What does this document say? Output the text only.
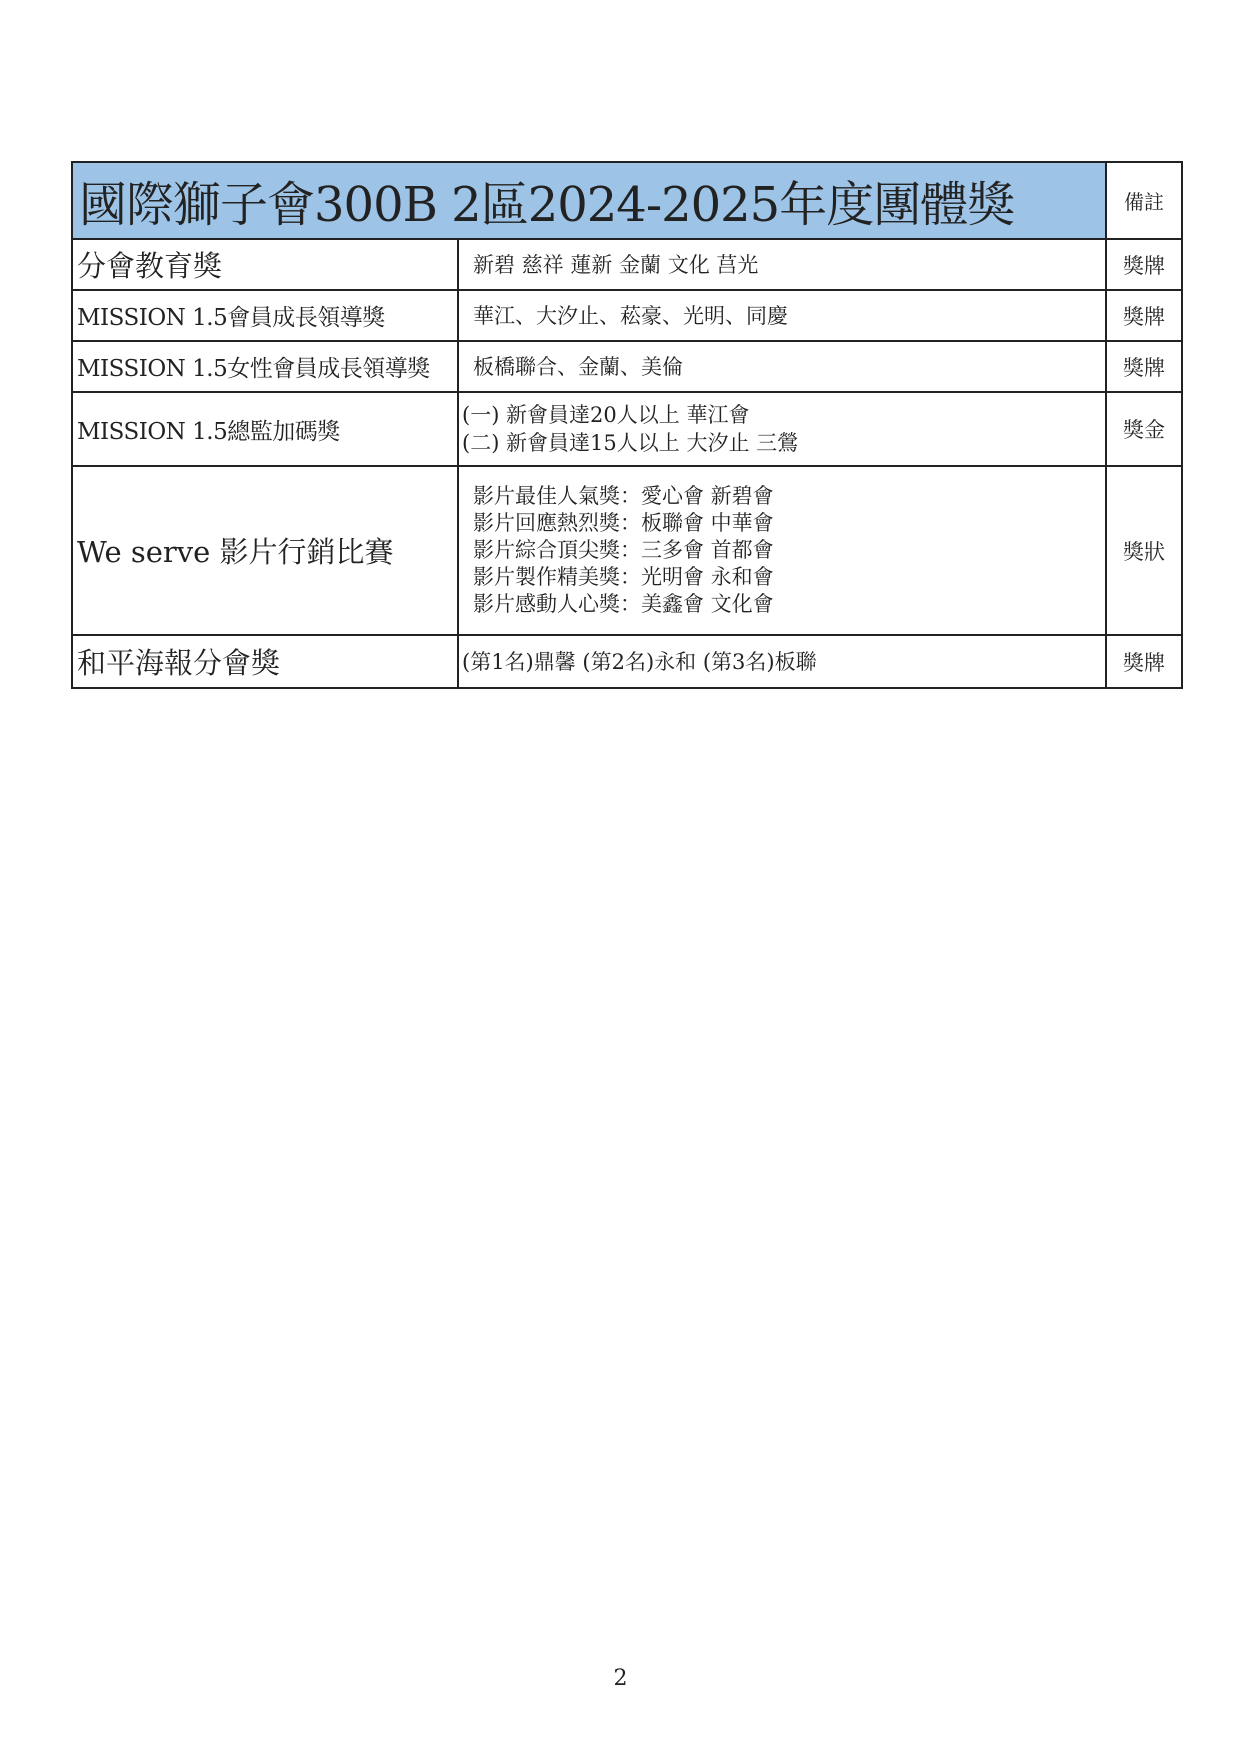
國際獅子會300B 2區2024-2025年度團體獎		備註
分會教育獎	新碧 慈祥 蓮新 金蘭 文化 莒光	獎牌
MISSION 1.5會員成長領導獎	華江、大汐止、菘豪、光明、同慶	獎牌
MISSION 1.5女性會員成長領導獎	板橋聯合、金蘭、美倫	獎牌
MISSION 1.5總監加碼獎	(一) 新會員達20人以上 華江會
(二) 新會員達15人以上 大汐止 三鶯	獎金
We serve 影片行銷比賽	影片最佳人氣獎：愛心會 新碧會
影片回應熱烈獎：板聯會 中華會
影片綜合頂尖獎：三多會 首都會
影片製作精美獎：光明會 永和會
影片感動人心獎：美鑫會 文化會	獎狀
和平海報分會獎	(第1名)鼎馨 (第2名)永和 (第3名)板聯	獎牌
2
